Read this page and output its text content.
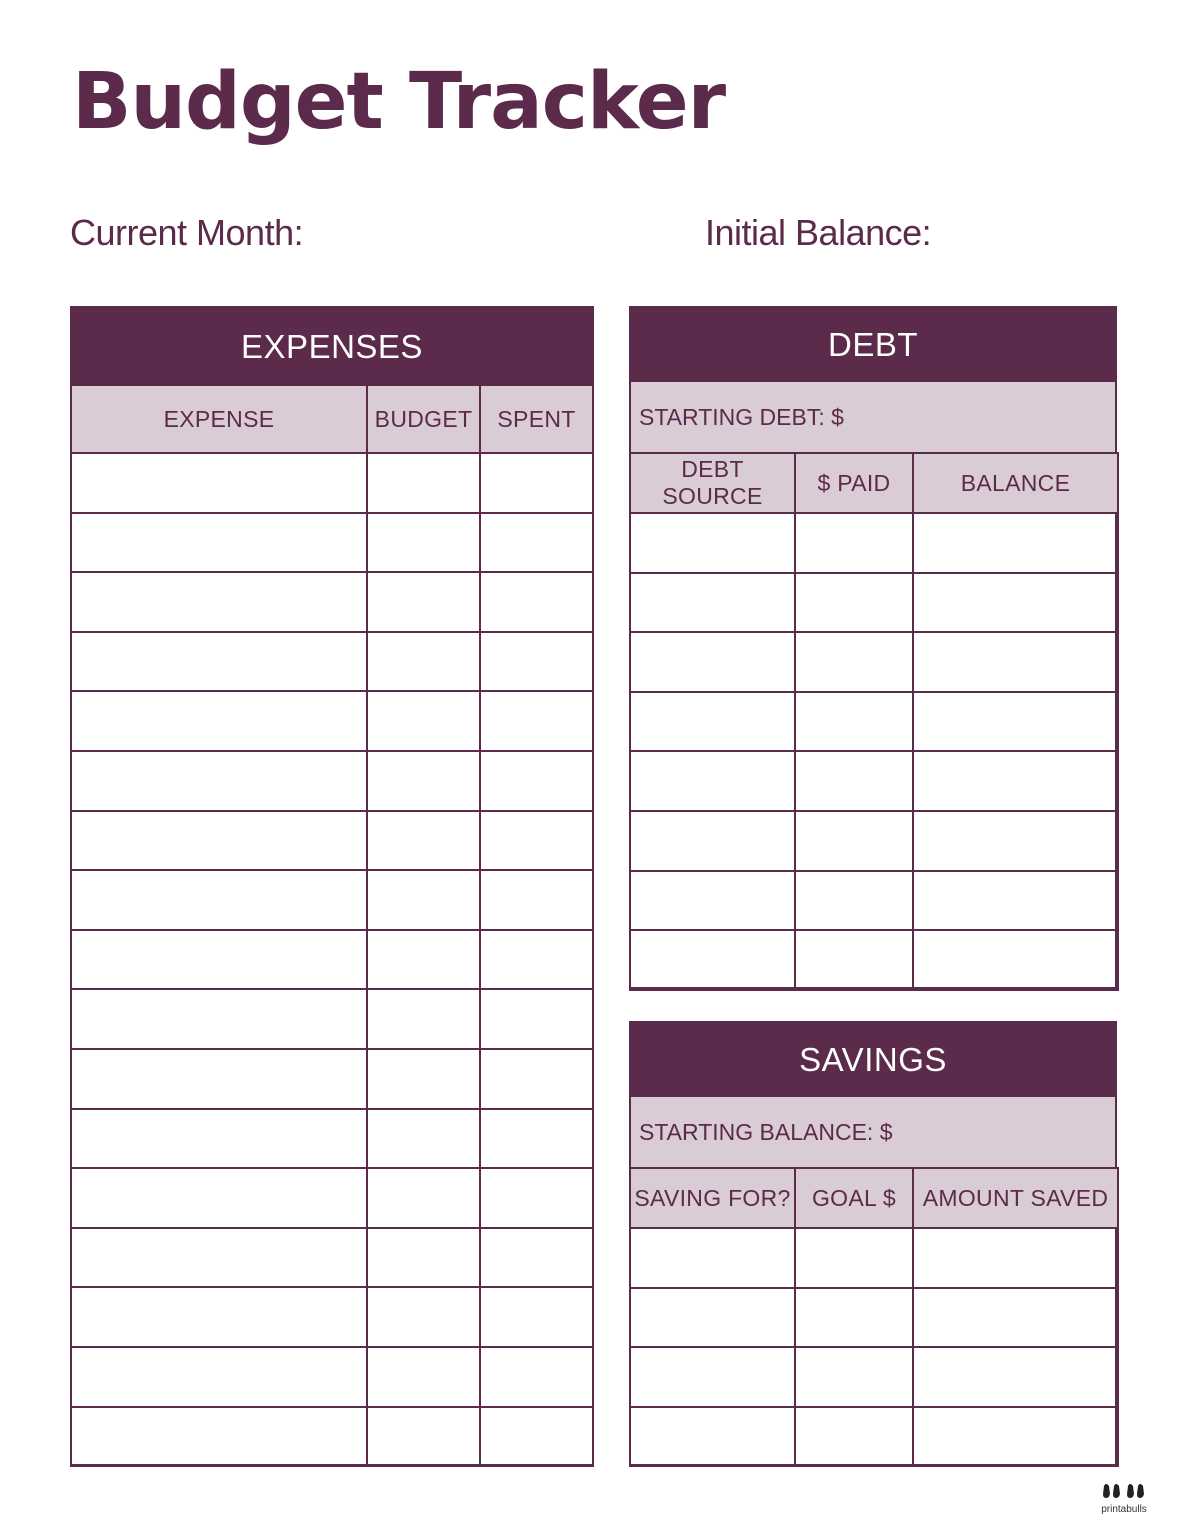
Budget Tracker
Current Month:	Initial Balance:
EXPENSES
EXPENSE	BUDGET	SPENT

DEBT
STARTING DEBT: $
DEBT SOURCE	$ PAID	BALANCE

SAVINGS
STARTING BALANCE: $
SAVING FOR?	GOAL $	AMOUNT SAVED

printabulls
